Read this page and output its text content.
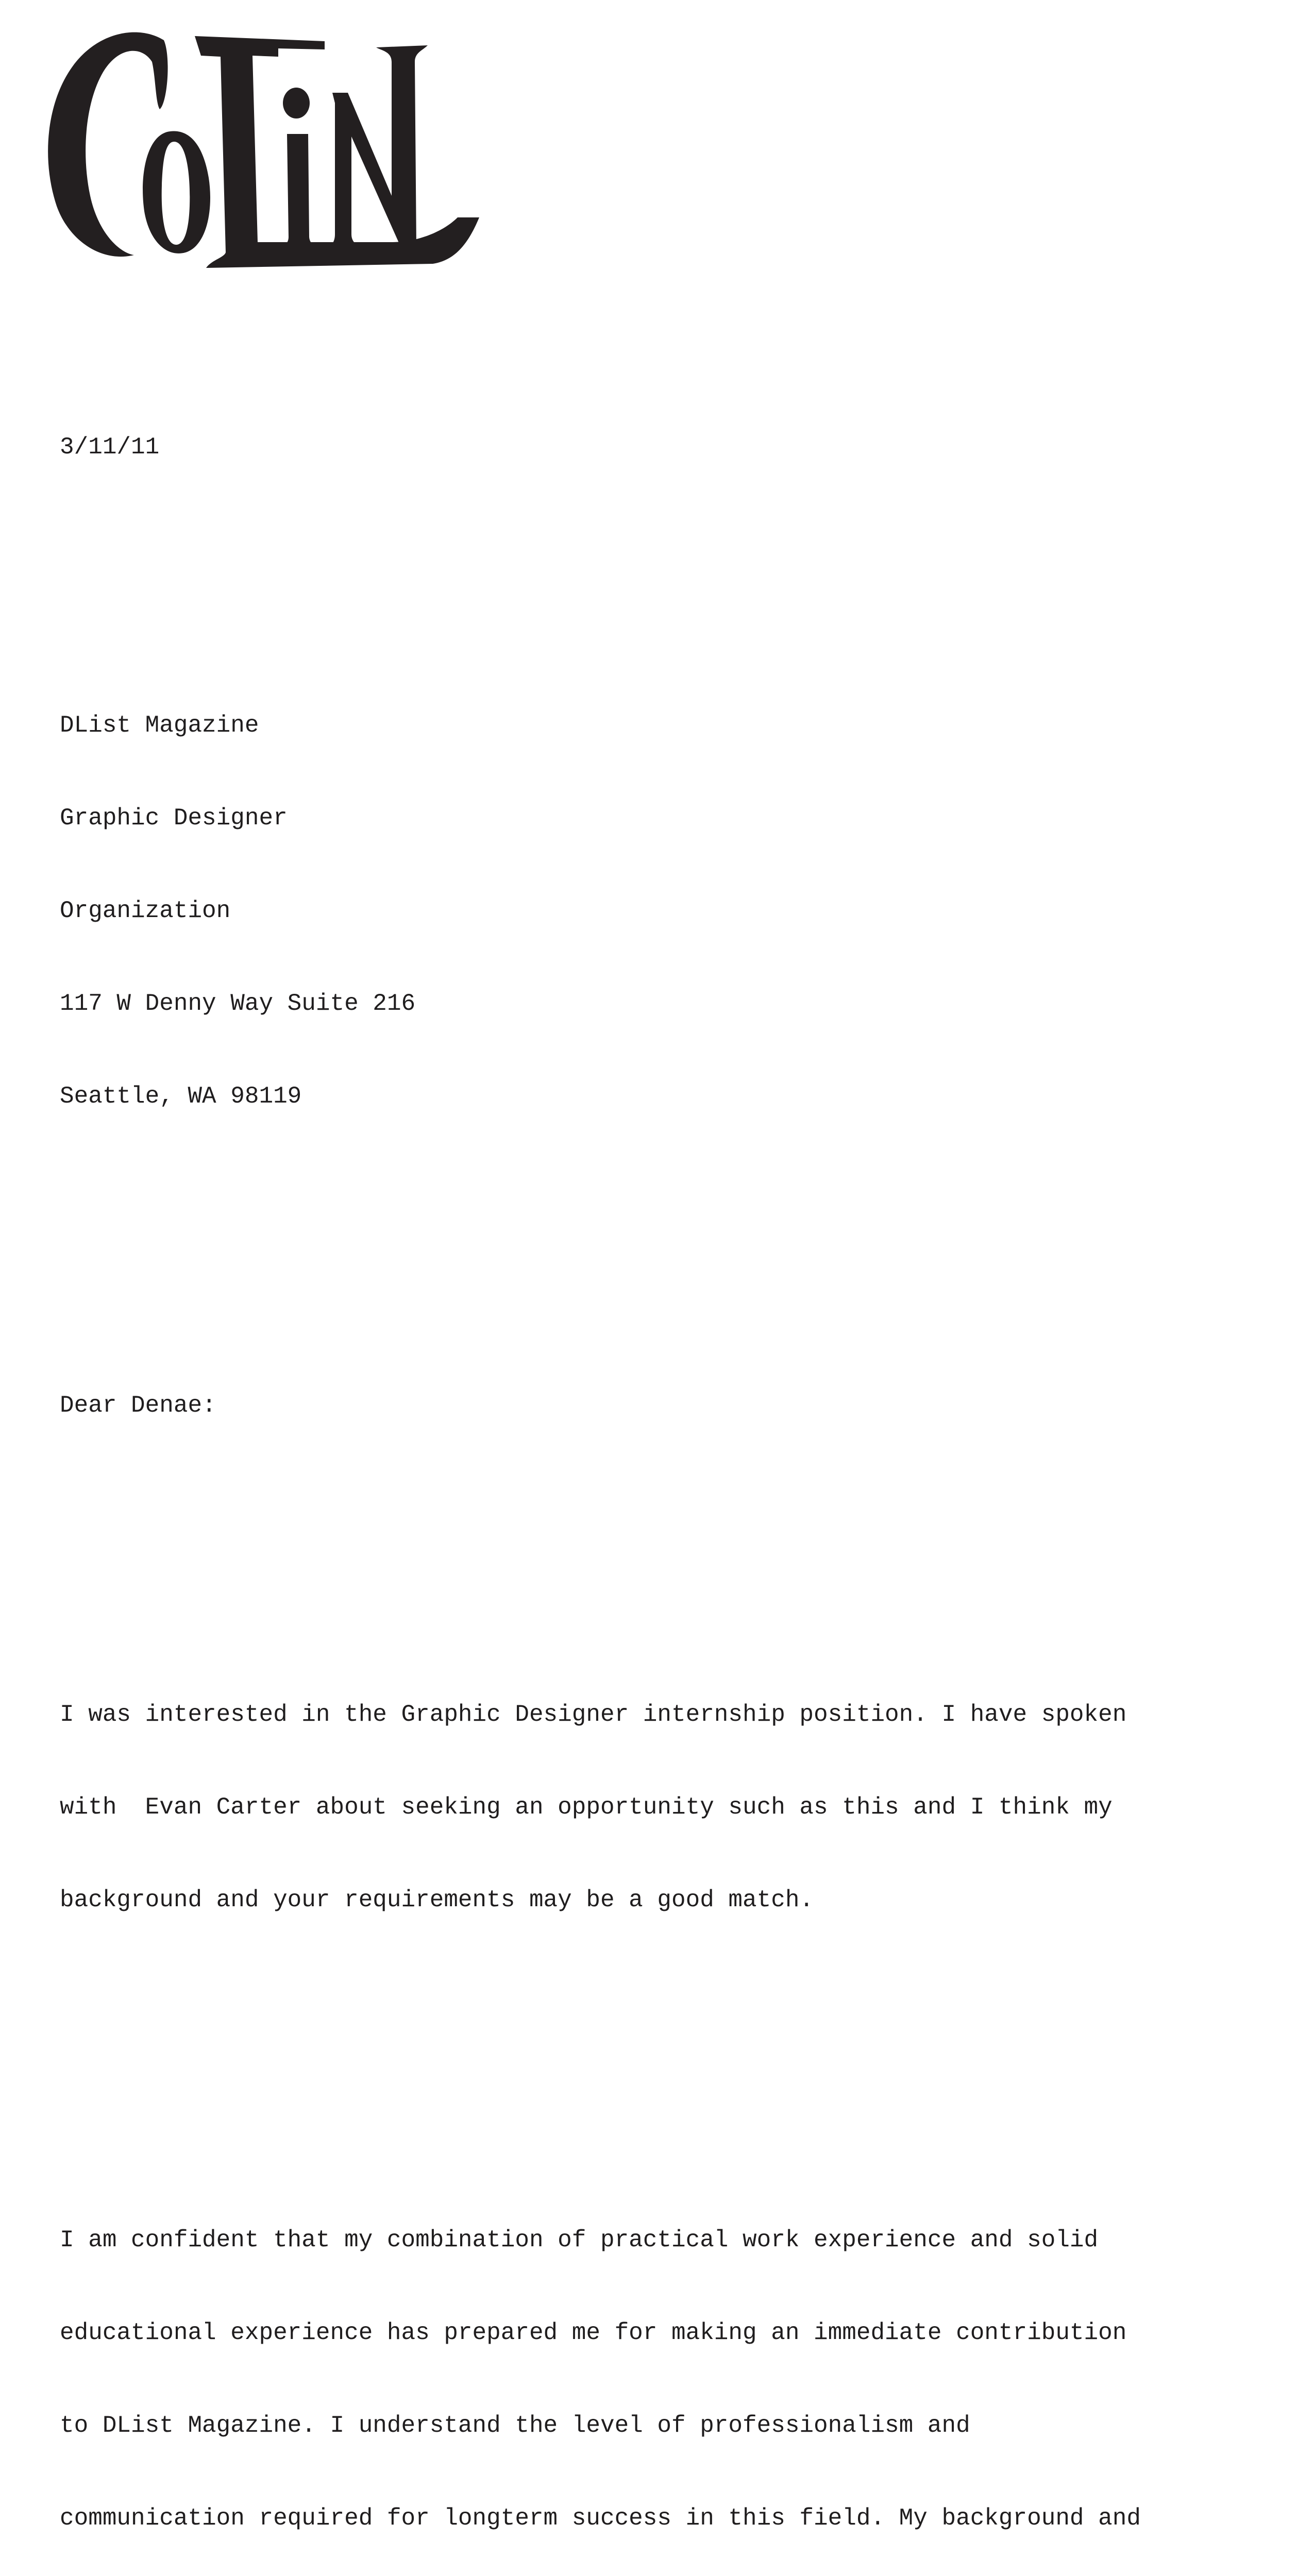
3/11/11

DList Magazine

Graphic Designer

Organization

117 W Denny Way Suite 216

Seattle, WA 98119

Dear Denae:

I was interested in the Graphic Designer internship position. I have spoken

with  Evan Carter about seeking an opportunity such as this and I think my

background and your requirements may be a good match.

I am confident that my combination of practical work experience and solid

educational experience has prepared me for making an immediate contribution

to DList Magazine. I understand the level of professionalism and

communication required for longterm success in this field. My background and
